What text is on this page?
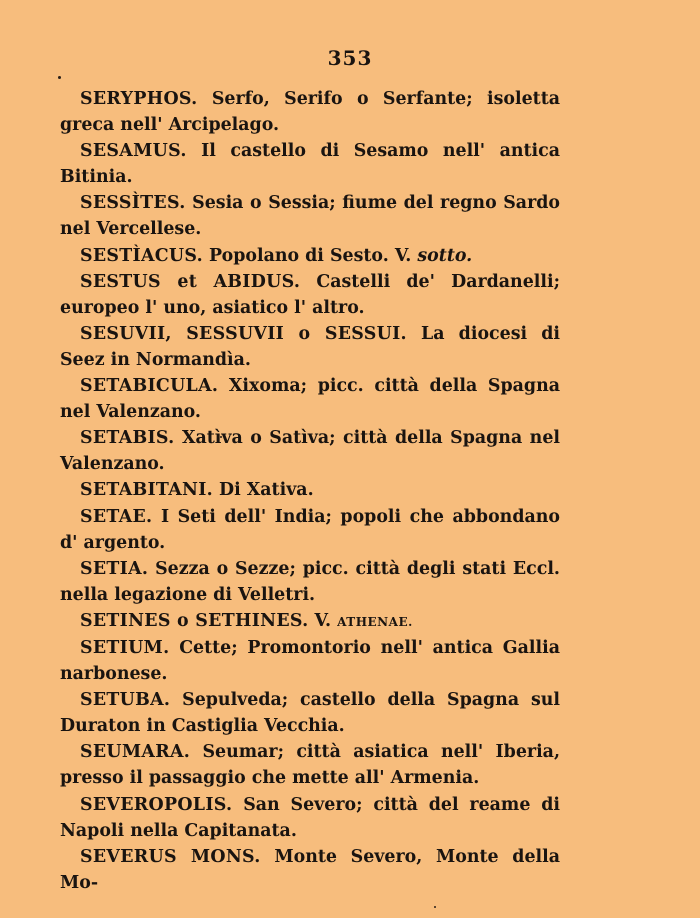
353

SERYPHOS. Serfo, Serifo o Serfante; isoletta greca nell' Arcipelago.

SESAMUS. Il castello di Sesamo nell' antica Bitinia.

SESSÌTES. Sesia o Sessia; fiume del regno Sardo nel Vercellese.

SESTÌACUS. Popolano di Sesto. V. sotto.

SESTUS et ABIDUS. Castelli de' Dardanelli; europeo l' uno, asiatico l' altro.

SESUVII, SESSUVII o SESSUI. La diocesi di Seez in Normandìa.

SETABICULA. Xixoma; picc. città della Spagna nel Valenzano.

SETABIS. Xatìva o Satìva; città della Spagna nel Valenzano.

SETABITANI. Di Xativa.

SETAE. I Seti dell' India; popoli che abbondano d' argento.

SETIA. Sezza o Sezze; picc. città degli stati Eccl. nella legazione di Velletri.

SETINES o SETHINES. V. ATHENAE.

SETIUM. Cette; Promontorio nell' antica Gallia narbonese.

SETUBA. Sepulveda; castello della Spagna sul Duraton in Castiglia Vecchia.

SEUMARA. Seumar; città asiatica nell' Iberia, presso il passaggio che mette all' Armenia.

SEVEROPOLIS. San Severo; città del reame di Napoli nella Capitanata.

SEVERUS MONS. Monte Severo, Monte della Mo-
